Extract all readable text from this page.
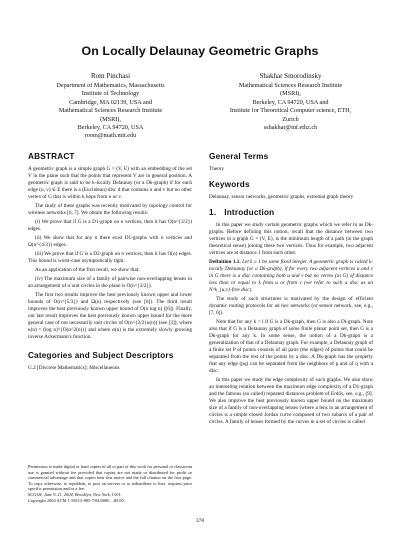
On Locally Delaunay Geometric Graphs
Rom Pinchasi
Department of Mathematics, Massachusetts
Institute of Technology
Cambridge, MA 02139, USA and
Mathematical Sciences Research Institute
(MSRI),
Berkeley, CA 94720, USA
room@math.mit.edu
Shakhar Smorodinsky
Mathematical Sciences Research Institute
(MSRI),
Berkeley, CA 94720, USA and
Institute for Theoretical Computer science, ETH,
Zurich
sshakhar@inf.ethz.ch
ABSTRACT

A geometric graph is a simple graph G = (V, E) with an embedding of the set V in the plane such that the points that represent V are in general position. A geometric graph is said to be k-locally Delaunay (or a Dk-graph) if for each edge (u, v) ∈ E there is a (Euclidean) disc d that contains u and v but no other vertex of G that is within k hops from u or v.

The study of these graphs was recently motivated by topology control for wireless networks [6, 7]. We obtain the following results:

(i) We prove that if G is a D1-graph on n vertices, then it has O(n^{3/2}) edges.

(ii) We show that for any n there exist D1-graphs with n vertices and Ω(n^{4/3}) edges.

(iii) We prove that if G is a D2-graph on n vertices, then it has O(n) edges. This bound is worst-case asymptotically tight.

As an application of the first result, we show that:

(iv) The maximum size of a family of pairwise non-overlapping lenses in an arrangement of n unit circles in the plane is O(n^{3/2}).

The first two results improve the best previously known upper and lower bounds of O(n^{5/3}) and Ω(n) respectively (see [6]). The third result improves the best previously known upper bound of O(n log n) ([6]). Finally, our last result improves the best previously known upper bound for the more general case of not necessarily unit circles of O(n^{3/2}κ(n)) (see [3]), where κ(n) = (log n)^{O(α^2(n))} and where α(n) is the extremely slowly growing inverse Ackermann's function.

Categories and Subject Descriptors

G.2 [Discrete Mathematics]: Miscellaneous

General Terms

Theory

Keywords

Delaunay, sensor networks, geometric graphs, extremal graph theory

1. Introduction

In this paper we study certain geometric graphs which we refer to as Dk-graphs. Before defining this notion, recall that the distance between two vertices in a graph G = (V, E), is the minimum length of a path (in the graph theoretical sense) joining these two vertices. Thus for example, two adjacent vertices are at distance 1 from each other.

Definition 1.1. Let k ≥ 1 be some fixed integer. A geometric graph is called k-locally Delaunay (or a Dk-graph), if for every two adjacent vertices u and v in G there is a disc containing both u and v but no vertex (in G) of distance less than or equal to k from u or from v (we refer to such a disc as an N^k_{u,v}-free disc).

The study of such structures is motivated by the design of efficient dynamic routing protocols for ad hoc networks (or sensor network, see, e.g., [7, 6]).

Note that for any k > l if G is a Dk-graph, then G is also a Dl-graph. Note also that if G is a Delaunay graph of some finite planar point set, then G is a Dk-graph for any k. In some sense, the notion of a Dk-graph is a generalization of that of a Delaunay graph. For example, a Delaunay graph of a finite set P of points consists of all pairs (the edges) of points that could be separated from the rest of the points by a disc. A Dk-graph has the property that any edge (pq) can be separated from the neighbors of p and of q with a disc.

In this paper we study the edge complexity of such graphs. We also show an interesting relation between the maximum edge complexity of a D1-graph and the famous (so called) repeated distances problem of Erdős, see, e.g., [9]. We also improve the best previously known upper bound on the maximum size of a family of non-overlapping lenses (where a lens in an arrangement of circles is a simple closed Jordan curve composed of two subarcs of a pair of circles. A family of lenses formed by the curves in a set of circles is called

Permission to make digital or hard copies of all or part of this work for personal or classroom use is granted without fee provided that copies are not made or distributed for profit or commercial advantage and that copies bear this notice and the full citation on the first page. To copy otherwise, to republish, to post on servers or to redistribute to lists, requires prior specific permission and/or a fee.
SCG'04, June 9–11, 2004, Brooklyn, New York, USA.
Copyright 2004 ACM 1-58113-885-7/04/0006 ...$5.00.
378
